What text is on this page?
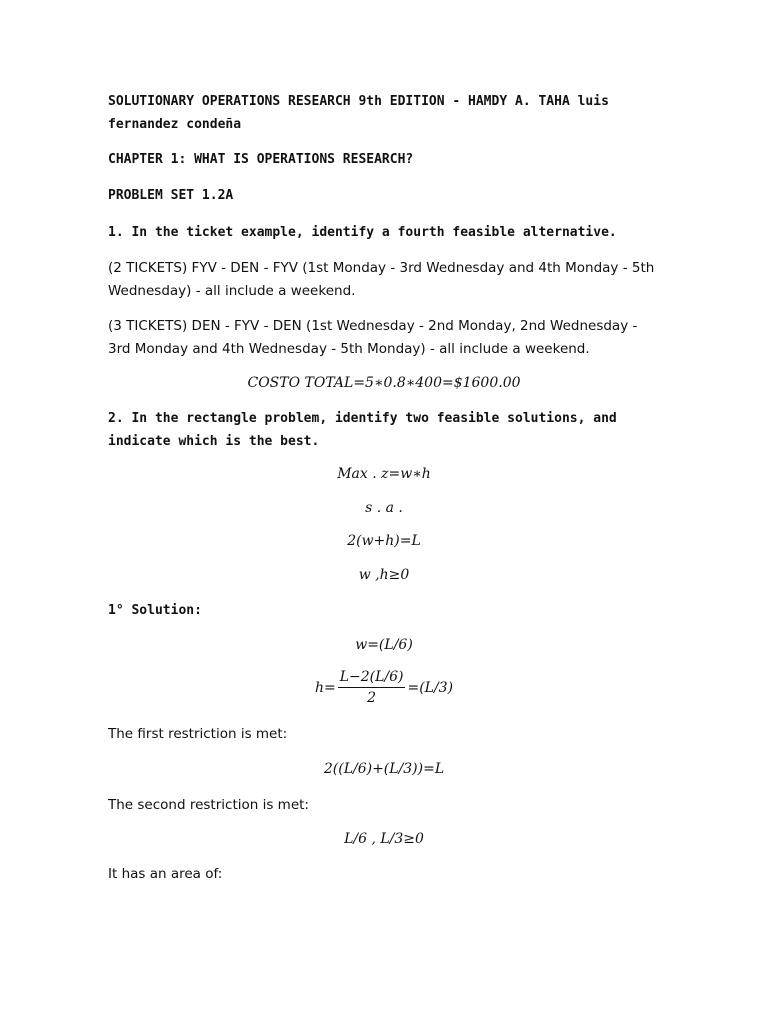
SOLUTIONARY OPERATIONS RESEARCH 9th EDITION - HAMDY A. TAHA luis fernandez condeña

CHAPTER 1: WHAT IS OPERATIONS RESEARCH?

PROBLEM SET 1.2A

1. In the ticket example, identify a fourth feasible alternative.

(2 TICKETS) FYV - DEN - FYV (1st Monday - 3rd Wednesday and 4th Monday - 5th Wednesday) - all include a weekend.

(3 TICKETS) DEN - FYV - DEN (1st Wednesday - 2nd Monday, 2nd Wednesday - 3rd Monday and 4th Wednesday - 5th Monday) - all include a weekend.

COSTO TOTAL=5∗0.8∗400=$1600.00

2. In the rectangle problem, identify two feasible solutions, and indicate which is the best.

Max . z=w∗h

s . a .

2(w+h)=L

w ,h≥0

1° Solution:

w=(L/6)

$h= \frac{L-2(L/6)}{2} =(L/3)$

The first restriction is met:

2((L/6)+(L/3))=L

The second restriction is met:

L/6 , L/3≥0

It has an area of:
